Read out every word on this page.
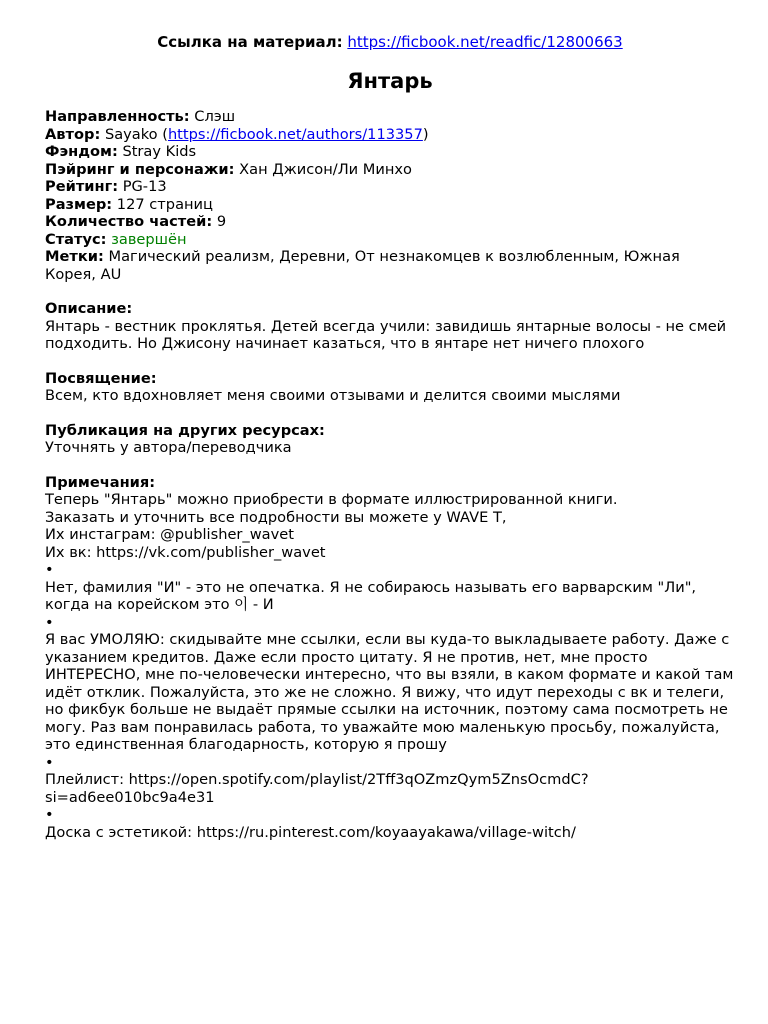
Ссылка на материал: https://ficbook.net/readfic/12800663

Янтарь

Направленность: Слэш

Автор: Sayako (https://ficbook.net/authors/113357)

Фэндом: Stray Kids

Пэйринг и персонажи: Хан Джисон/Ли Минхо

Рейтинг: PG-13

Размер: 127 страниц

Количество частей: 9

Статус: завершён

Метки: Магический реализм, Деревни, От незнакомцев к возлюбленным, Южная Корея, AU

Описание:

Янтарь - вестник проклятья. Детей всегда учили: завидишь янтарные волосы - не смей подходить. Но Джисону начинает казаться, что в янтаре нет ничего плохого

Посвящение:

Всем, кто вдохновляет меня своими отзывами и делится своими мыслями

Публикация на других ресурсах:

Уточнять у автора/переводчика

Примечания:
Теперь "Янтарь" можно приобрести в формате иллюстрированной книги.
Заказать и уточнить все подробности вы можете у WAVE T,
Их инстаграм: @publisher_wavet
Их вк: https://vk.com/publisher_wavet
•
Нет, фамилия "И" - это не опечатка. Я не собираюсь называть его варварским "Ли", когда на корейском это 이 - И
•
Я вас УМОЛЯЮ: скидывайте мне ссылки, если вы куда-то выкладываете работу. Даже с указанием кредитов. Даже если просто цитату. Я не против, нет, мне просто ИНТЕРЕСНО, мне по-человечески интересно, что вы взяли, в каком формате и какой там идёт отклик. Пожалуйста, это же не сложно. Я вижу, что идут переходы с вк и телеги, но фикбук больше не выдаёт прямые ссылки на источник, поэтому сама посмотреть не могу. Раз вам понравилась работа, то уважайте мою маленькую просьбу, пожалуйста, это единственная благодарность, которую я прошу
•
Плейлист: https://open.spotify.com/playlist/2Tff3qOZmzQym5ZnsOcmdC?si=ad6ee010bc9a4e31
•
Доска с эстетикой: https://ru.pinterest.com/koyaayakawa/village-witch/
